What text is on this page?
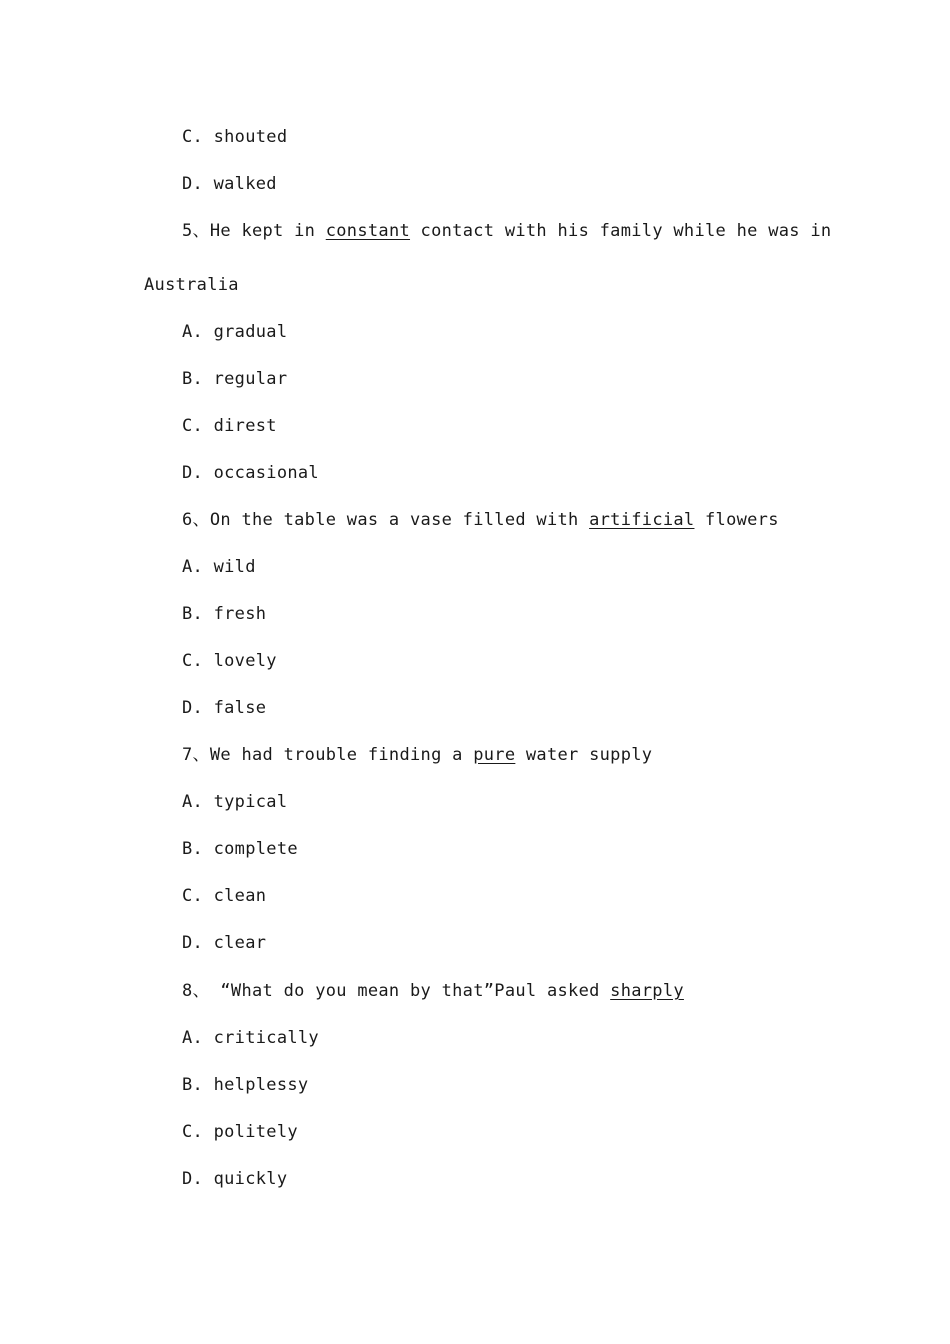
C. shouted
D. walked
5、He kept in constant contact with his family while he was in
Australia
A. gradual
B. regular
C. direst
D. occasional
6、On the table was a vase filled with artificial flowers
A. wild
B. fresh
C. lovely
D. false
7、We had trouble finding a pure water supply
A. typical
B. complete
C. clean
D. clear
8、 “What do you mean by that”Paul asked sharply
A. critically
B. helplessy
C. politely
D. quickly
